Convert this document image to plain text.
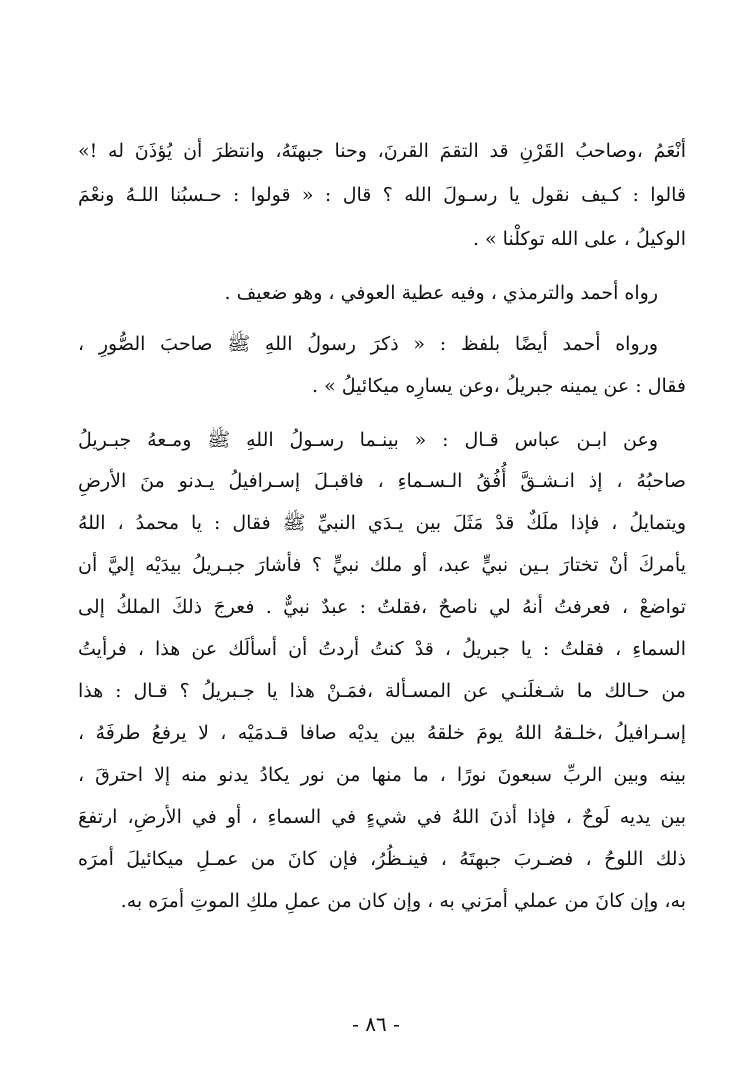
أنْعَمُ ،وصاحبُ القَرْنِ قد التقمَ القرنَ، وحنا جبهتَهُ، وانتظرَ أن يُؤذَنَ له !»
قالوا : كـيف نقول يا رسـولَ الله ؟ قال : « قولوا : حـسبُنا اللـهُ ونعْمَ
الوكيلُ ، على الله توكلْنا » .
رواه أحمد والترمذي ، وفيه عطية العوفي ، وهو ضعيف .
ورواه أحمد أيضًا بلفظ : « ذكرَ رسولُ اللهِ ﷺ صاحبَ الصُّورِ ،
فقال : عن يمينه جبريلُ ،وعن يسارِه ميكائيلُ » .
وعن ابـن عباس قـال : « بينـما رسـولُ اللهِ ﷺ ومـعهُ جبـريلُ
صاحبُهُ ، إذ انـشـقَّ أُفُقُ الـسـماءِ ، فاقبـلَ إسـرافيلُ يـدنو منَ الأرضِ
ويتمايلُ ، فإذا ملَكٌ قدْ مَثَلَ بين يـدَي النبيِّ ﷺ فقال : يا محمدُ ، اللهُ
يأمركَ أنْ تختارَ بـين نبيٍّ عبد، أو ملك نبيٍّ ؟ فأشارَ جبـريلُ بيدَيْه إليَّ أن
تواضعْ ، فعرفتُ أنهُ لي ناصحٌ ،فقلتُ : عبدٌ نبيٌّ . فعرجَ ذلكَ الملكُ إلى
السماءِ ، فقلتُ : يا جبريلُ ، قدْ كنتُ أردتُ أن أسألَك عن هذا ، فرأيتُ
من حـالك ما شـغلَنـي عن المسـألة ،فمَـنْ هذا يا جـبريلُ ؟ قـال : هذا
إسـرافيلُ ،خلـقهُ اللهُ يومَ خلقهُ بين يديْه صافا قـدمَيْه ، لا يرفعُ طرفَهُ ،
بينه وبين الربِّ سبعونَ نورًا ، ما منها من نور يكادُ يدنو منه إلا احترقَ ،
بين يديه لَوحٌ ، فإذا أذنَ اللهُ في شيءٍ في السماءِ ، أو في الأرضِ، ارتفعَ
ذلك اللوحُ ، فضـربَ جبهتَهُ ، فينـظُرُ، فإن كانَ من عمـلِ ميكائيلَ أمرَه
به، وإن كانَ من عملي أمرَني به ، وإن كان من عملِ ملكِ الموتِ أمرَه به.
- ٨٦ -
